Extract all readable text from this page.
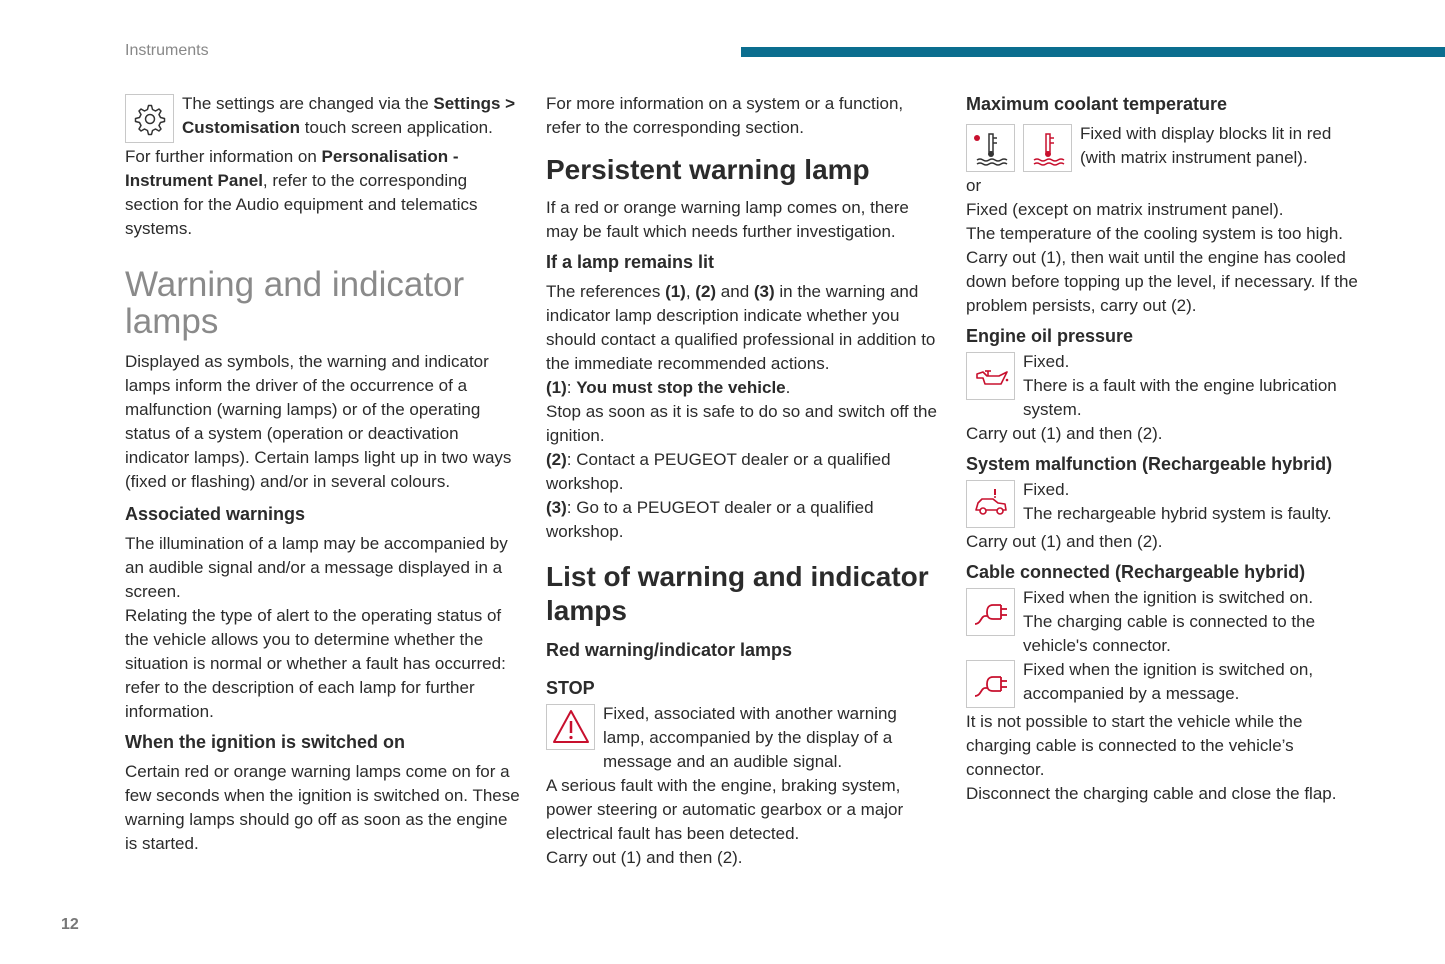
Instruments

The settings are changed via the Settings > Customisation touch screen application.

For further information on Personalisation - Instrument Panel, refer to the corresponding section for the Audio equipment and telematics systems.

Warning and indicator lamps

Displayed as symbols, the warning and indicator lamps inform the driver of the occurrence of a malfunction (warning lamps) or of the operating status of a system (operation or deactivation indicator lamps). Certain lamps light up in two ways (fixed or flashing) and/or in several colours.

Associated warnings

The illumination of a lamp may be accompanied by an audible signal and/or a message displayed in a screen.

Relating the type of alert to the operating status of the vehicle allows you to determine whether the situation is normal or whether a fault has occurred: refer to the description of each lamp for further information.

When the ignition is switched on

Certain red or orange warning lamps come on for a few seconds when the ignition is switched on. These warning lamps should go off as soon as the engine is started.

For more information on a system or a function, refer to the corresponding section.

Persistent warning lamp

If a red or orange warning lamp comes on, there may be fault which needs further investigation.

If a lamp remains lit

The references (1), (2) and (3) in the warning and indicator lamp description indicate whether you should contact a qualified professional in addition to the immediate recommended actions.

(1): You must stop the vehicle.

Stop as soon as it is safe to do so and switch off the ignition.

(2): Contact a PEUGEOT dealer or a qualified workshop.

(3): Go to a PEUGEOT dealer or a qualified workshop.

List of warning and indicator lamps
Red warning/indicator lamps
STOP

Fixed, associated with another warning lamp, accompanied by the display of a message and an audible signal.

A serious fault with the engine, braking system, power steering or automatic gearbox or a major electrical fault has been detected.

Carry out (1) and then (2).

Maximum coolant temperature

Fixed with display blocks lit in red (with matrix instrument panel).

or

Fixed (except on matrix instrument panel).

The temperature of the cooling system is too high.

Carry out (1), then wait until the engine has cooled down before topping up the level, if necessary. If the problem persists, carry out (2).

Engine oil pressure

Fixed.

There is a fault with the engine lubrication system.

Carry out (1) and then (2).

System malfunction (Rechargeable hybrid)

Fixed.

The rechargeable hybrid system is faulty.

Carry out (1) and then (2).

Cable connected (Rechargeable hybrid)

Fixed when the ignition is switched on.

The charging cable is connected to the vehicle's connector.

Fixed when the ignition is switched on, accompanied by a message.

It is not possible to start the vehicle while the charging cable is connected to the vehicle’s connector.

Disconnect the charging cable and close the flap.

12
